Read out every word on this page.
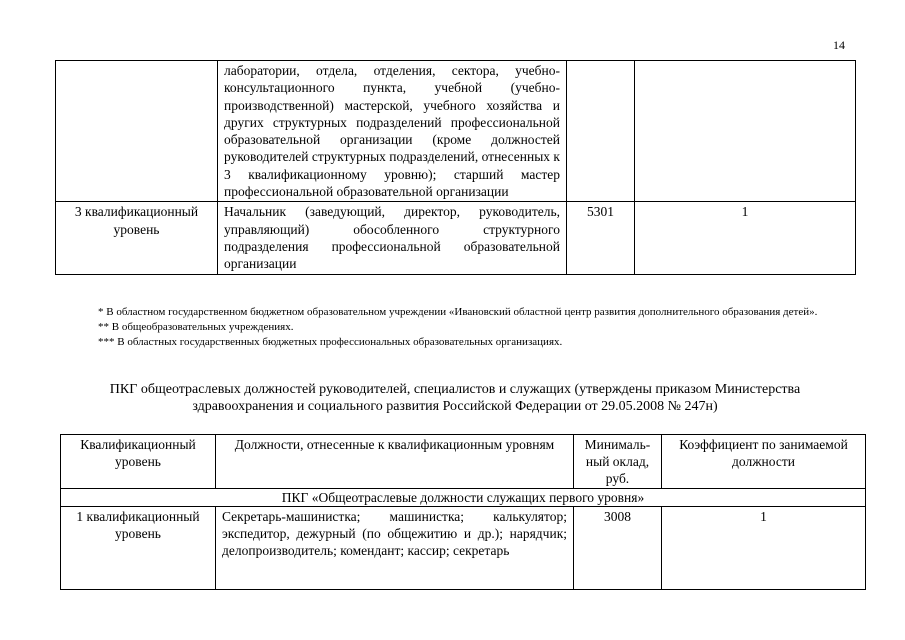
14
	лаборатории, отдела, отделения, сектора, учебно-консультационного пункта, учебной (учебно-производственной) мастерской, учебного хозяйства и других структурных подразделений профессиональной образовательной организации (кроме должностей руководителей структурных подразделений, отнесенных к 3 квалификационному уровню); старший мастер профессиональной образовательной организации		
3 квалификационный уровень	Начальник (заведующий, директор, руководитель, управляющий) обособленного структурного подразделения профессиональной образовательной организации	5301	1

* В областном государственном бюджетном образовательном учреждении «Ивановский областной центр развития дополнительного образования детей».

** В общеобразовательных учреждениях.

*** В областных государственных бюджетных профессиональных образовательных организациях.

ПКГ общеотраслевых должностей руководителей, специалистов и служащих (утверждены приказом Министерства здравоохранения и социального развития Российской Федерации от 29.05.2008 № 247н)
Квалификационный уровень	Должности, отнесенные к квалификационным уровням	Минималь-ный оклад, руб.	Коэффициент по занимаемой должности
ПКГ «Общеотраслевые должности служащих первого уровня»			
1 квалификационный уровень	Секретарь-машинистка; машинистка; калькулятор; экспедитор, дежурный (по общежитию и др.); нарядчик; делопроизводитель; комендант; кассир; секретарь	3008	1
